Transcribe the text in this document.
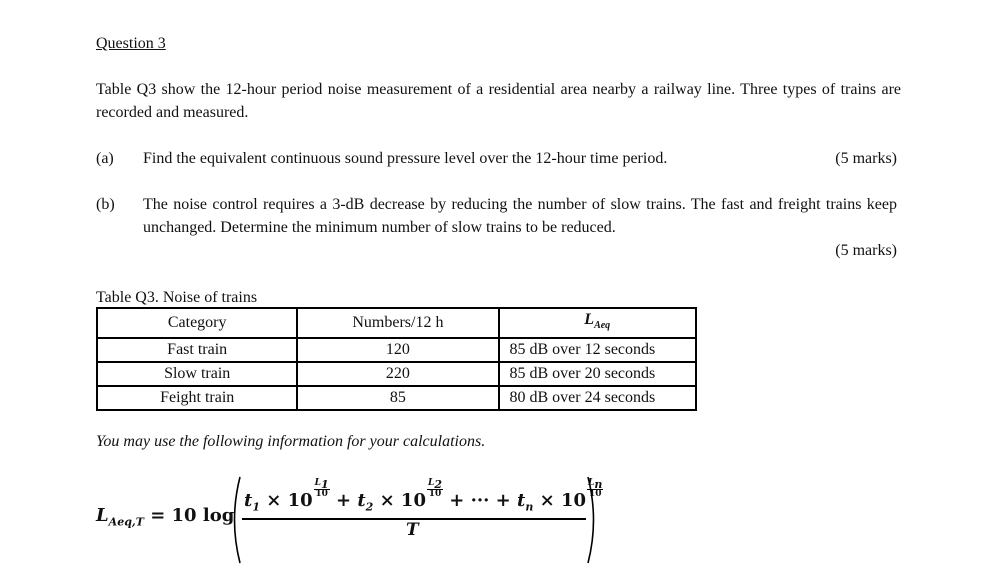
Question 3
Table Q3 show the 12-hour period noise measurement of a residential area nearby a railway line. Three types of trains are recorded and measured.
(a) Find the equivalent continuous sound pressure level over the 12-hour time period.	(5 marks)
(b) The noise control requires a 3-dB decrease by reducing the number of slow trains. The fast and freight trains keep unchanged. Determine the minimum number of slow trains to be reduced.
(5 marks)
Table Q3. Noise of trains
Category	Numbers/12 h	$L_{Aeq}$
Fast train	120	85 dB over 12 seconds
Slow train	220	85 dB over 20 seconds
Feight train	85	80 dB over 24 seconds
You may use the following information for your calculations.
$L_{Aeq,T} = 10$ log
$t_1 \times 10$
$\frac{L_1}{10}$
+ $t_2 \times 10$
$\frac{L_2}{10}$
+ ··· + $t_n \times 10$
$\frac{L_n}{10}$
T
